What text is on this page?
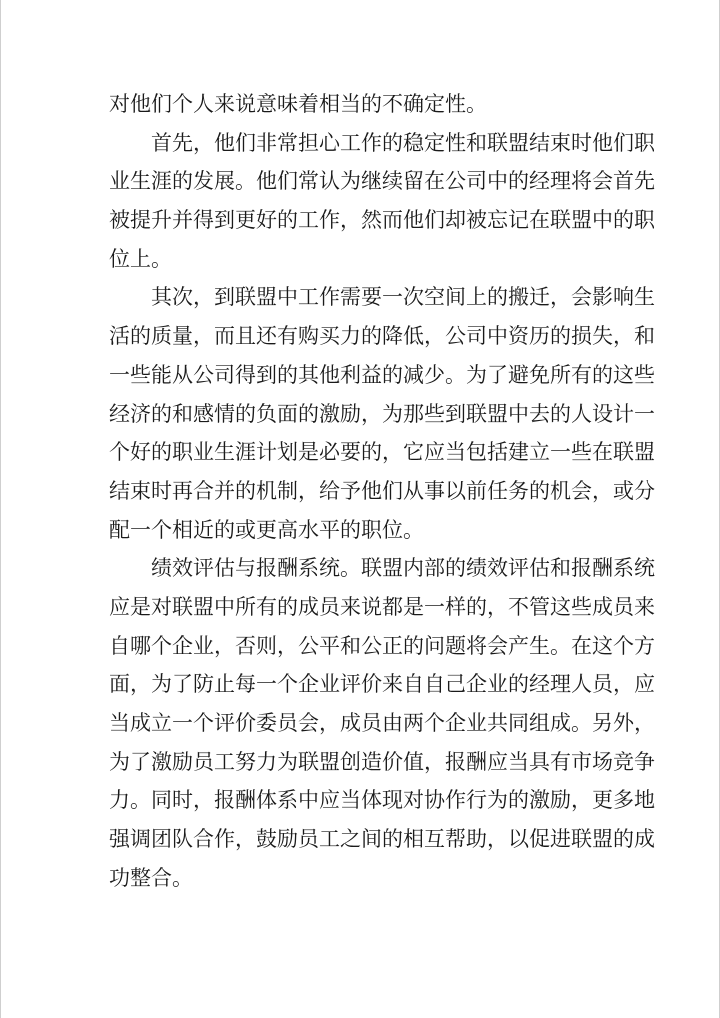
对他们个人来说意味着相当的不确定性。
首先，他们非常担心工作的稳定性和联盟结束时他们职
业生涯的发展。他们常认为继续留在公司中的经理将会首先
被提升并得到更好的工作，然而他们却被忘记在联盟中的职
位上。
其次，到联盟中工作需要一次空间上的搬迁，会影响生
活的质量，而且还有购买力的降低，公司中资历的损失，和
一些能从公司得到的其他利益的减少。为了避免所有的这些
经济的和感情的负面的激励，为那些到联盟中去的人设计一
个好的职业生涯计划是必要的，它应当包括建立一些在联盟
结束时再合并的机制，给予他们从事以前任务的机会，或分
配一个相近的或更高水平的职位。
绩效评估与报酬系统。联盟内部的绩效评估和报酬系统
应是对联盟中所有的成员来说都是一样的，不管这些成员来
自哪个企业，否则，公平和公正的问题将会产生。在这个方
面，为了防止每一个企业评价来自自己企业的经理人员，应
当成立一个评价委员会，成员由两个企业共同组成。另外，
为了激励员工努力为联盟创造价值，报酬应当具有市场竞争
力。同时，报酬体系中应当体现对协作行为的激励，更多地
强调团队合作，鼓励员工之间的相互帮助，以促进联盟的成
功整合。
